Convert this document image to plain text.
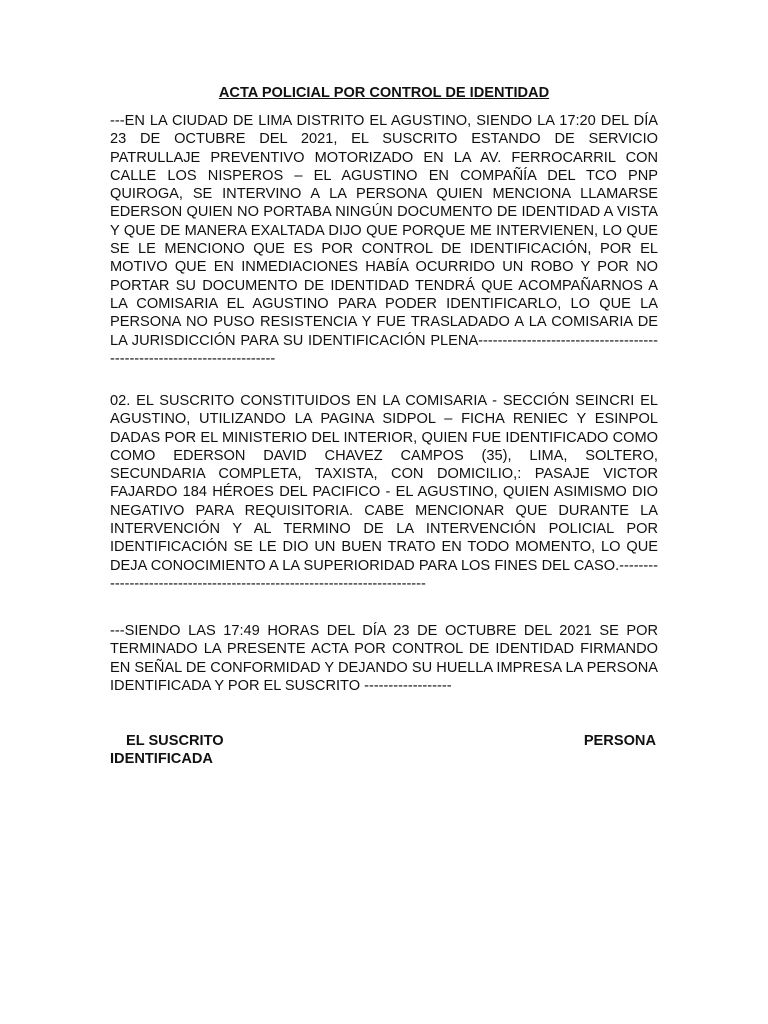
ACTA POLICIAL POR CONTROL DE IDENTIDAD

---EN LA CIUDAD DE LIMA DISTRITO EL AGUSTINO, SIENDO LA 17:20 DEL DÍA 23 DE OCTUBRE DEL 2021, EL SUSCRITO ESTANDO DE SERVICIO PATRULLAJE PREVENTIVO MOTORIZADO EN LA AV. FERROCARRIL CON CALLE LOS NISPEROS – EL AGUSTINO EN COMPAÑÍA DEL TCO PNP QUIROGA, SE INTERVINO A LA PERSONA QUIEN MENCIONA LLAMARSE EDERSON QUIEN NO PORTABA NINGÚN DOCUMENTO DE IDENTIDAD A VISTA Y QUE DE MANERA EXALTADA DIJO QUE PORQUE ME INTERVIENEN, LO QUE SE LE MENCIONO QUE ES POR CONTROL DE IDENTIFICACIÓN, POR EL MOTIVO QUE EN INMEDIACIONES HABÍA OCURRIDO UN ROBO Y POR NO PORTAR SU DOCUMENTO DE IDENTIDAD TENDRÁ QUE ACOMPAÑARNOS A LA COMISARIA EL AGUSTINO PARA PODER IDENTIFICARLO, LO QUE LA PERSONA NO PUSO RESISTENCIA Y FUE TRASLADADO A LA COMISARIA DE LA JURISDICCIÓN PARA SU IDENTIFICACIÓN PLENA-----------------------------------------------------------------------

02. EL SUSCRITO CONSTITUIDOS EN LA COMISARIA - SECCIÓN SEINCRI EL AGUSTINO, UTILIZANDO LA PAGINA SIDPOL – FICHA RENIEC Y ESINPOL DADAS POR EL MINISTERIO DEL INTERIOR, QUIEN FUE IDENTIFICADO COMO COMO EDERSON DAVID CHAVEZ CAMPOS (35), LIMA, SOLTERO, SECUNDARIA COMPLETA, TAXISTA, CON DOMICILIO,: PASAJE VICTOR FAJARDO 184 HÉROES DEL PACIFICO - EL AGUSTINO, QUIEN ASIMISMO DIO NEGATIVO PARA REQUISITORIA. CABE MENCIONAR QUE DURANTE LA INTERVENCIÓN Y AL TERMINO DE LA INTERVENCIÓN POLICIAL POR IDENTIFICACIÓN SE LE DIO UN BUEN TRATO EN TODO MOMENTO, LO QUE DEJA CONOCIMIENTO A LA SUPERIORIDAD PARA LOS FINES DEL CASO.-------------------------------------------------------------------------

---SIENDO LAS 17:49 HORAS DEL DÍA 23 DE OCTUBRE DEL 2021 SE POR TERMINADO LA PRESENTE ACTA POR CONTROL DE IDENTIDAD FIRMANDO EN SEÑAL DE CONFORMIDAD Y DEJANDO SU HUELLA IMPRESA LA PERSONA IDENTIFICADA Y POR EL SUSCRITO ------------------

EL SUSCRITO	PERSONA
IDENTIFICADA
